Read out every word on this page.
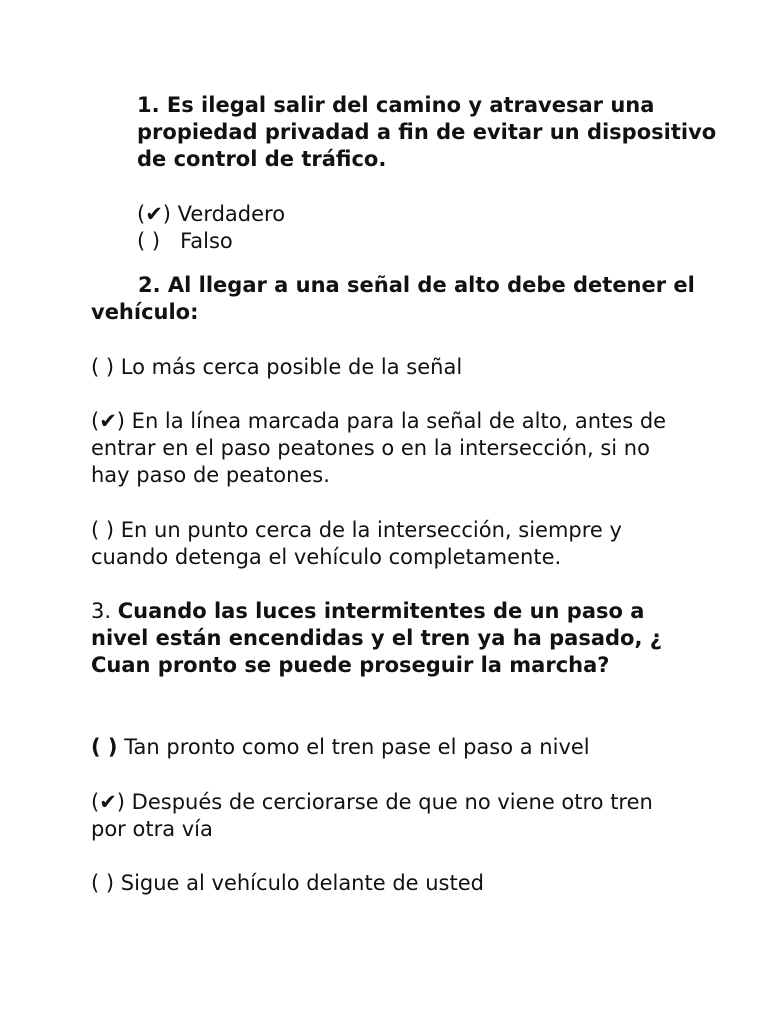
1. Es ilegal salir del camino y atravesar una propiedad privadad a fin de evitar un dispositivo de control de tráfico.

(✔) Verdadero

( ) Falso

2. Al llegar a una señal de alto debe detener el vehículo:

( ) Lo más cerca posible de la señal

(✔) En la línea marcada para la señal de alto, antes de entrar en el paso peatones o en la intersección, si no hay paso de peatones.

( ) En un punto cerca de la intersección, siempre y cuando detenga el vehículo completamente.

3. Cuando las luces intermitentes de un paso a nivel están encendidas y el tren ya ha pasado, ¿ Cuan pronto se puede proseguir la marcha?

( ) Tan pronto como el tren pase el paso a nivel

(✔) Después de cerciorarse de que no viene otro tren por otra vía

( ) Sigue al vehículo delante de usted
